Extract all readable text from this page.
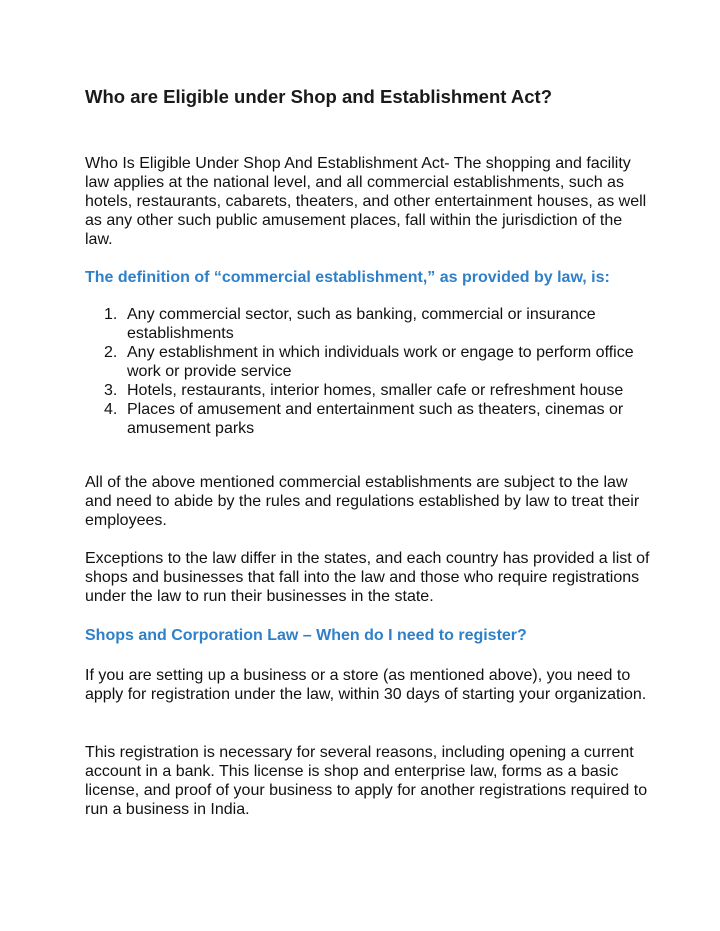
Who are Eligible under Shop and Establishment Act?

Who Is Eligible Under Shop And Establishment Act- The shopping and facility law applies at the national level, and all commercial establishments, such as hotels, restaurants, cabarets, theaters, and other entertainment houses, as well as any other such public amusement places, fall within the jurisdiction of the law.

The definition of “commercial establishment,” as provided by law, is:

1. Any commercial sector, such as banking, commercial or insurance establishments
2. Any establishment in which individuals work or engage to perform office work or provide service
3. Hotels, restaurants, interior homes, smaller cafe or refreshment house
4. Places of amusement and entertainment such as theaters, cinemas or amusement parks

All of the above mentioned commercial establishments are subject to the law and need to abide by the rules and regulations established by law to treat their employees.

Exceptions to the law differ in the states, and each country has provided a list of shops and businesses that fall into the law and those who require registrations under the law to run their businesses in the state.

Shops and Corporation Law – When do I need to register?

If you are setting up a business or a store (as mentioned above), you need to apply for registration under the law, within 30 days of starting your organization.

This registration is necessary for several reasons, including opening a current account in a bank. This license is shop and enterprise law, forms as a basic license, and proof of your business to apply for another registrations required to run a business in India.
